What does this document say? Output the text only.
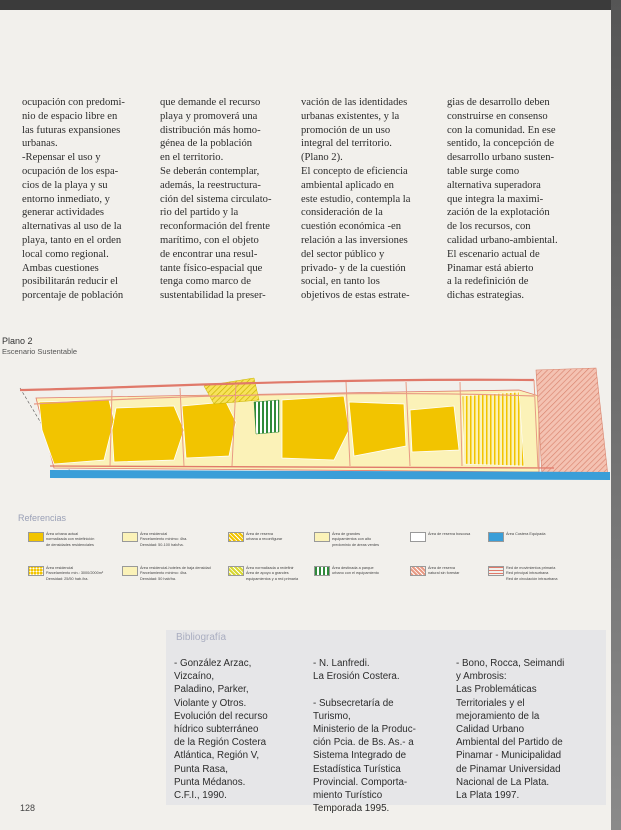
ocupación con predomi-

nio de espacio libre en

las futuras expansiones

urbanas.

-Repensar el uso y

ocupación de los espa-

cios de la playa y su

entorno inmediato, y

generar actividades

alternativas al uso de la

playa, tanto en el orden

local como regional.

Ambas cuestiones

posibilitarán reducir el

porcentaje de población

que demande el recurso

playa y promoverá una

distribución más homo-

génea de la población

en el territorio.

Se deberán contemplar,

además, la reestructura-

ción del sistema circulato-

rio del partido y la

reconformación del frente

marítimo, con el objeto

de encontrar una resul-

tante físico-espacial que

tenga como marco de

sustentabilidad la preser-

vación de las identidades

urbanas existentes, y la

promoción de un uso

integral del territorio.

(Plano 2).

El concepto de eficiencia

ambiental aplicado en

este estudio, contempla la

consideración de la

cuestión económica -en

relación a las inversiones

del sector público y

privado- y de la cuestión

social, en tanto los

objetivos de estas estrate-

gias de desarrollo deben

construirse en consenso

con la comunidad. En ese

sentido, la concepción de

desarrollo urbano susten-

table surge como

alternativa superadora

que integra la maximi-

zación de la explotación

de los recursos, con

calidad urbano-ambiental.

El escenario actual de

Pinamar está abierto

a la redefinición de

dichas estrategias.

Plano 2
Escenario Sustentable
Referencias
Área urbana actual
normalizada con redefinición
de densidades residenciales
Área residencial
Parcelamiento mínimo: 4ha.
Densidad: 50-100 hab/ha.
Área de reserva
urbana a reconfigurar
Área de grandes
equipamientos con alto
predominio de áreas verdes
Área de reserva boscosa	Área Costera Equipada
Área residencial
Parcelamiento mín.: 3000/2000m²
Densidad: 25/50 hab./ha.
Área residencial-hoteles de baja densidad
Parcelamiento mínimo: 4ha.
Densidad: 50 hab/ha.
Área normalizada a redefinir
Área de apoyo a grandes
equipamientos y a red primaria
Área destinada a parque
urbano con el equipamiento
Área de reserva
natural sin forestar
Red de movimientos primaria
Red principal intraurbana
Red de circulación intraurbana
Bibliografía

- González Arzac, Vizcaíno,

Paladino, Parker,

Violante y Otros.

Evolución del recurso

hídrico subterráneo

de la Región Costera

Atlántica, Región V,

Punta Rasa,

Punta Médanos.

C.F.I., 1990.

- N. Lanfredi.

La Erosión Costera.

- Subsecretaría de Turismo,

Ministerio de la Produc-

ción Pcia. de Bs. As.- a

Sistema Integrado de

Estadística Turística

Provincial. Comporta-

miento Turístico

Temporada 1995.

- Bono, Rocca, Seimandi

y Ambrosis:

Las Problemáticas

Territoriales y el

mejoramiento de la

Calidad Urbano

Ambiental del Partido de

Pinamar - Municipalidad

de Pinamar Universidad

Nacional de La Plata.

La Plata 1997.

128
